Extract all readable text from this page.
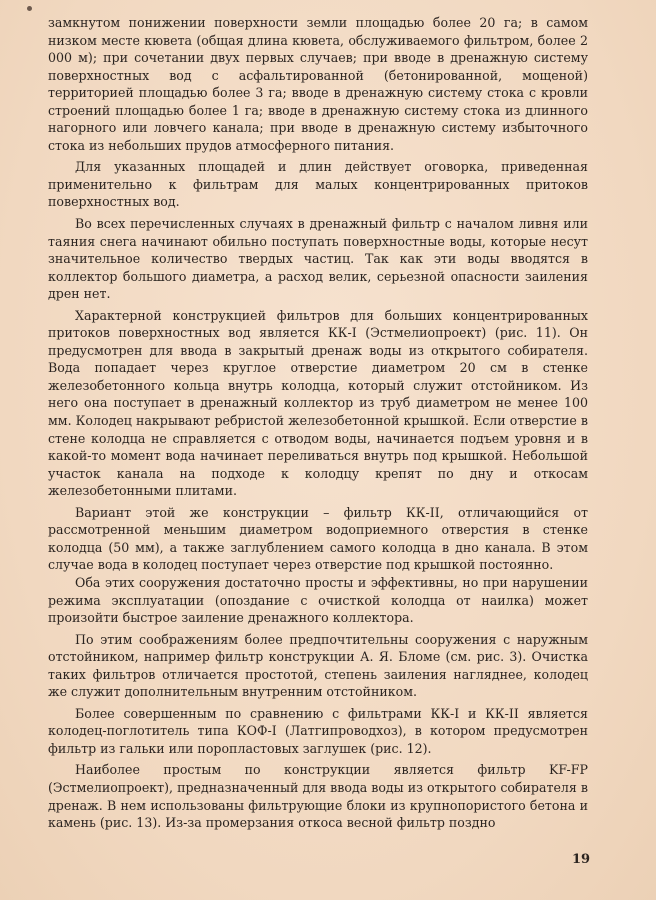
замкнутом понижении поверхности земли площадью более 20 га; в самом низком месте кювета (общая длина кювета, обслуживаемого фильтром, более 2 000 м); при сочетании двух первых случаев; при вводе в дренажную систему поверхностных вод с асфальтированной (бетонированной, мощеной) территорией площадью более 3 га; вводе в дренажную систему стока с кровли строений площадью более 1 га; вводе в дренажную систему стока из длинного нагорного или ловчего канала; при вводе в дренажную систему избыточного стока из небольших прудов атмосферного питания.

Для указанных площадей и длин действует оговорка, приведенная применительно к фильтрам для малых концентрированных притоков поверхностных вод.

Во всех перечисленных случаях в дренажный фильтр с началом ливня или таяния снега начинают обильно поступать поверхностные воды, которые несут значительное количество твердых частиц. Так как эти воды вводятся в коллектор большого диаметра, а расход велик, серьезной опасности заиления дрен нет.

Характерной конструкцией фильтров для больших концентрированных притоков поверхностных вод является КК-I (Эстмелиопроект) (рис. 11). Он предусмотрен для ввода в закрытый дренаж воды из открытого собирателя. Вода попадает через круглое отверстие диаметром 20 см в стенке железобетонного кольца внутрь колодца, который служит отстойником. Из него она поступает в дренажный коллектор из труб диаметром не менее 100 мм. Колодец накрывают ребристой железобетонной крышкой. Если отверстие в стене колодца не справляется с отводом воды, начинается подъем уровня и в какой-то момент вода начинает переливаться внутрь под крышкой. Небольшой участок канала на подходе к колодцу крепят по дну и откосам железобетонными плитами.

Вариант этой же конструкции – фильтр КК-II, отличающийся от рассмотренной меньшим диаметром водоприемного отверстия в стенке колодца (50 мм), а также заглублением самого колодца в дно канала. В этом случае вода в колодец поступает через отверстие под крышкой постоянно.

Оба этих сооружения достаточно просты и эффективны, но при нарушении режима эксплуатации (опоздание с очисткой колодца от наилка) может произойти быстрое заиление дренажного коллектора.

По этим соображениям более предпочтительны сооружения с наружным отстойником, например фильтр конструкции А. Я. Бломе (см. рис. 3). Очистка таких фильтров отличается простотой, степень заиления нагляднее, колодец же служит дополнительным внутренним отстойником.

Более совершенным по сравнению с фильтрами КК-I и КК-II является колодец-поглотитель типа КОФ-I (Латгипроводхоз), в котором предусмотрен фильтр из гальки или поропластовых заглушек (рис. 12).

Наиболее простым по конструкции является фильтр KF-FP (Эстмелиопроект), предназначенный для ввода воды из открытого собирателя в дренаж. В нем использованы фильтрующие блоки из крупнопористого бетона и камень (рис. 13). Из-за промерзания откоса весной фильтр поздно

19
